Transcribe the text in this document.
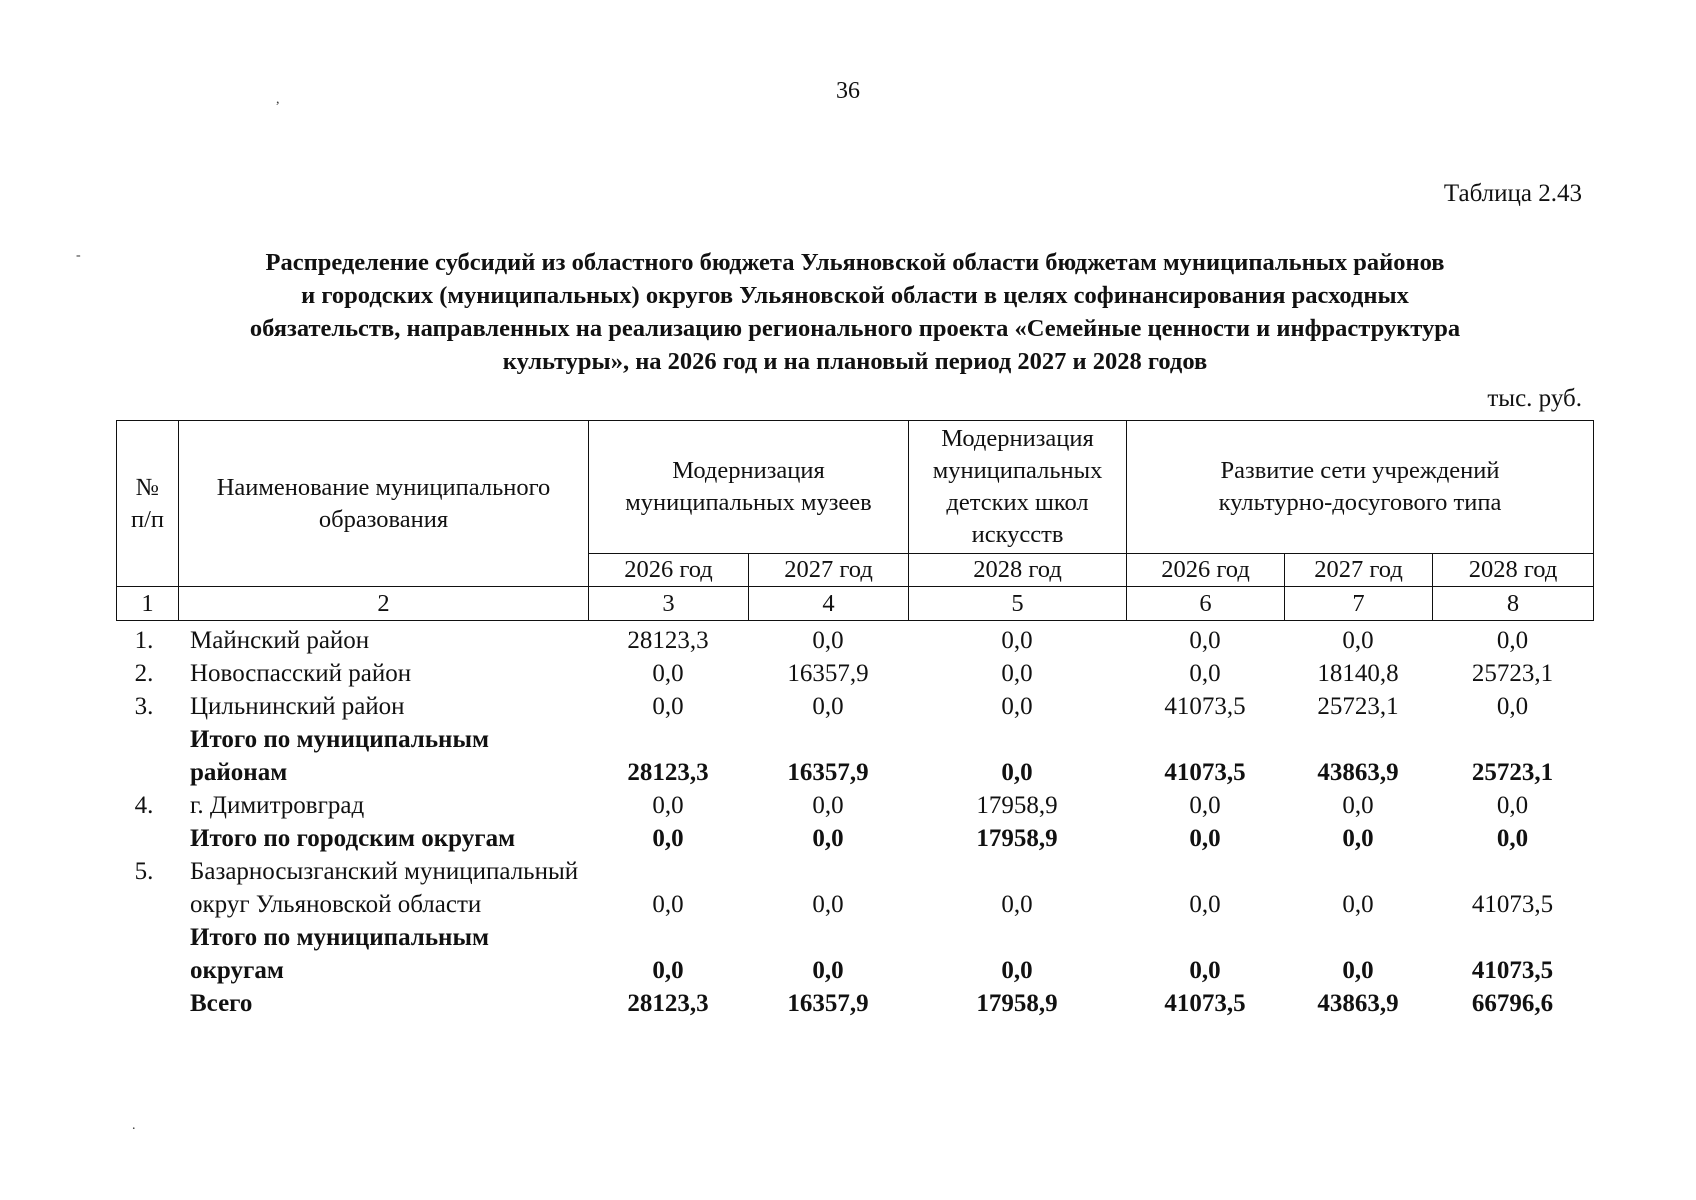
36
Таблица 2.43
Распределение субсидий из областного бюджета Ульяновской области бюджетам муниципальных районов
и городских (муниципальных) округов Ульяновской области в целях софинансирования расходных
обязательств, направленных на реализацию регионального проекта «Семейные ценности и инфраструктура
культуры», на 2026 год и на плановый период 2027 и 2028 годов
тыс. руб.
№ п/п	Наименование муниципального образования	Модернизация муниципальных музеев		Модернизация муниципальных детских школ искусств	Развитие сети учреждений культурно-досугового типа		
		2026 год	2027 год	2028 год	2026 год	2027 год	2028 год
1	2	3	4	5	6	7	8
1.	Майнский район	28123,3	0,0	0,0	0,0	0,0	0,0
2.	Новоспасский район	0,0	16357,9	0,0	0,0	18140,8	25723,1
3.	Цильнинский район	0,0	0,0	0,0	41073,5	25723,1	0,0
	Итого по муниципальным районам	28123,3	16357,9	0,0	41073,5	43863,9	25723,1
4.	г. Димитровград	0,0	0,0	17958,9	0,0	0,0	0,0
	Итого по городским округам	0,0	0,0	17958,9	0,0	0,0	0,0
5.	Базарносызганский муниципальный округ Ульяновской области	0,0	0,0	0,0	0,0	0,0	41073,5
	Итого по муниципальным округам	0,0	0,0	0,0	0,0	0,0	41073,5
	Всего	28123,3	16357,9	17958,9	41073,5	43863,9	66796,6
,
-
.
